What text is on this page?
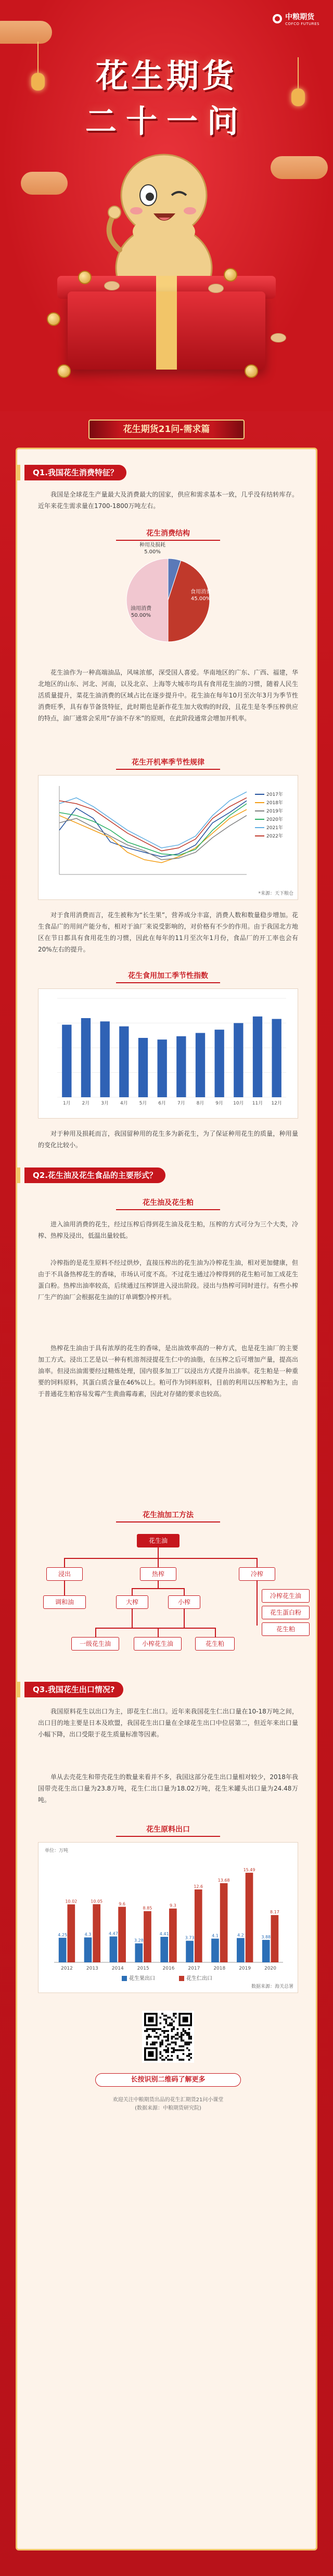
中粮期货
COFCO FUTURES
花生期货
二十一问
花生期货21问-需求篇
Q1.我国花生消费特征？
我国是全球花生产量最大及消费最大的国家，供应和需求基本一致，几乎没有结转库存。近年来花生需求量在1700-1800万吨左右。
花生消费结构
种用及损耗
5.00%
食用消费
45.00%
油用消费
50.00%
花生油作为一种高端油品，风味浓郁，深受国人喜爱。华南地区的广东、广西、福建，华北地区的山东、河北、河南，以及北京、上海等大城市均具有食用花生油的习惯，随着人民生活质量提升，菜花生油消费的区域占比在逐步提升中。花生油在每年10月至次年3月为季节性消费旺季，具有春节备货特征，此时期也是新作花生加大收购的时段，且花生是冬季压榨供应的特点，油厂通常会采用“存油不存米”的原则，在此阶段通常会增加开机率。
花生开机率季节性规律
2017年
2018年
2019年
2020年
2021年
2022年
*来源：天下粮仓
对于食用消费而言，花生被称为“长生果”，营养成分丰富，消费人数和数量稳步增加。花生食品广的用间产能分布，相对于油厂来说受影响的，对价格有不少的作用。由于我国北方地区在节日都具有食用花生的习惯，因此在每年的11月至次年1月份，食品厂的开工率也会有20%左右的提升。
花生食用加工季节性指数
1月 2月 3月 4月 5月 6月 7月 8月 9月 10月 11月 12月
对于种用及损耗而言，我国留种用的花生多为新花生，为了保证种用花生的质量，种用量的变化比较小。
Q2.花生油及花生食品的主要形式？
花生油及花生粕
进入油用消费的花生，经过压榨后得到花生油及花生粕，压榨的方式可分为三个大类，冷榨、热榨及浸出，低温出量较低。
冷榨指的是花生原料不经过烘炒，直接压榨出的花生油为冷榨花生油，相对更加健康，但由于不具备热榨花生的香味，市场认可度不高。不过花生通过冷榨得到的花生粕可加工成花生蛋白粉。热榨出油率较高，后续通过压榨饼进入浸出阶段。浸出与热榨可同时进行。有些小榨厂生产的油厂会根据花生油的订单调整冷榨开机。
热榨花生油由于具有浓厚的花生的香味，是出油效率高的一种方式，也是花生油厂的主要加工方式。浸出工艺是以一种有机溶剂浸提花生仁中的油脂，在压榨之后可增加产量，提高出油率。但浸出油需要经过精炼处理，国内很多加工厂以浸出方式提升出油率。花生粕是一种重要的饲料原料，其蛋白质含量在46%以上。粕可作为饲料原料，目前的利用以压榨粕为主，由于普通花生粕容易发霉产生黄曲霉毒素，因此对存储的要求也较高。
花生油加工方法
花生油
浸出	热榨	冷榨
调和油	大榨	小榨
冷榨花生油
花生蛋白粉
花生粕
一级花生油	小榨花生油	花生粕
Q3.我国花生出口情况?
我国原料花生以出口为主，即花生仁出口。近年来我国花生仁出口量在10-18万吨之间，出口目的地主要是日本及欧盟，我国花生出口量在全球花生出口中位居第二，但近年来出口量小幅下降，出口受限于花生质量标准等因素。
单从去壳花生和带壳花生的数量来看并不多，我国这部分花生出口量相对较少，2018年我国带壳花生出口量为23.8万吨，花生仁出口量为18.02万吨，花生米罐头出口量为24.48万吨。
花生原料出口
单位：万吨
4.25
10.02
2012
4.3
10.05
2013
4.47
9.6
2014
3.28
8.85
2015
4.41
9.3
2016
3.73
12.6
2017
4.1
13.68
2018
4.2
15.49
2019
3.88
8.17
2020
花生果出口	花生仁出口
数据来源：海关总署
长按识别二维码了解更多
欢迎关注中粮期货出品的花生汇期货21问小课堂
(数据来源：中粮期货研究院)
